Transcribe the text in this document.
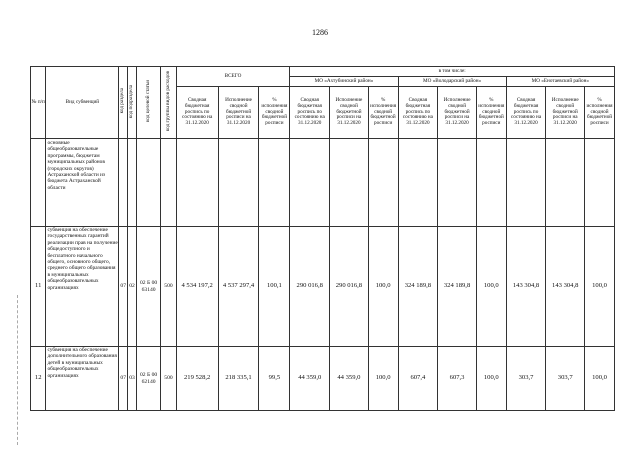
1286
№ п/п	Вид субвенций	код раздела	код подраздела	код целевой статьи	код группы видов расходов	ВСЕГО			в том числе:								
									МО «Ахтубинский район»			МО «Володарский район»			МО «Енотаевский район»		
						Сводная бюджетная роспись по состоянию на 31.12.2020	Исполнение сводной бюджетной росписи на 31.12.2020	% исполнения сводной бюджетной росписи	Сводная бюджетная роспись по состоянию на 31.12.2020	Исполнение сводной бюджетной росписи на 31.12.2020	% исполнения сводной бюджетной росписи	Сводная бюджетная роспись по состоянию на 31.12.2020	Исполнение сводной бюджетной росписи на 31.12.2020	% исполнения сводной бюджетной росписи	Сводная бюджетная роспись по состоянию на 31.12.2020	Исполнение сводной бюджетной росписи на 31.12.2020	% исполнения сводной бюджетной росписи
	основные общеобразовательные программы, бюджетам муниципальных районов (городских округов) Астраханской области из бюджета Астраханской области																
11	субвенция на обеспечение государственных гарантий реализации прав на получение общедоступного и бесплатного начального общего, основного общего, среднего общего образования в муниципальных общеобразовательных организациях	07	02	02 Б 00 63140	500	4 534 197,2	4 537 297,4	100,1	290 016,8	290 016,8	100,0	324 189,8	324 189,8	100,0	143 304,8	143 304,8	100,0
12	субвенция на обеспечение дополнительного образования детей в муниципальных общеобразовательных организациях	07	03	02 Б 00 62140	500	219 528,2	218 335,1	99,5	44 359,0	44 359,0	100,0	607,4	607,3	100,0	303,7	303,7	100,0
